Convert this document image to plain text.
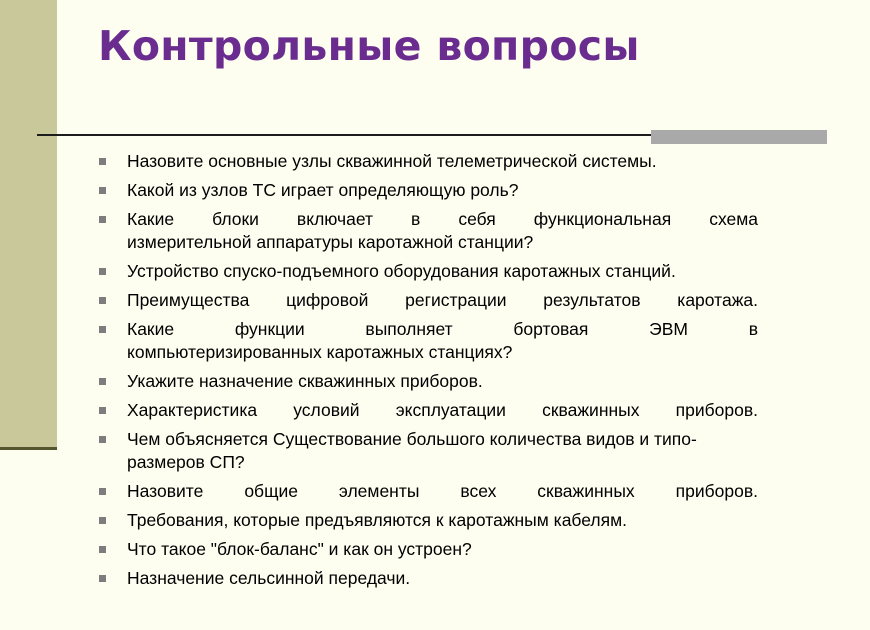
Контрольные вопросы
Назовите основные узлы скважинной телеметрической системы.
Какой из узлов ТС играет определяющую роль?
Какие блоки включает в себя функциональная схема
измерительной аппаратуры каротажной станции?
Устройство спуско-подъемного оборудования каротажных станций.
Преимущества цифровой регистрации результатов каротажа.
Какие функции выполняет бортовая ЭВМ в
компьютеризированных каротажных станциях?
Укажите назначение скважинных приборов.
Характеристика условий эксплуатации скважинных приборов.
Чем объясняется Существование большого количества видов и типо-
размеров СП?
Назовите общие элементы всех скважинных приборов.
Требования, которые предъявляются к каротажным кабелям.
Что такое "блок-баланс" и как он устроен?
Назначение сельсинной передачи.
